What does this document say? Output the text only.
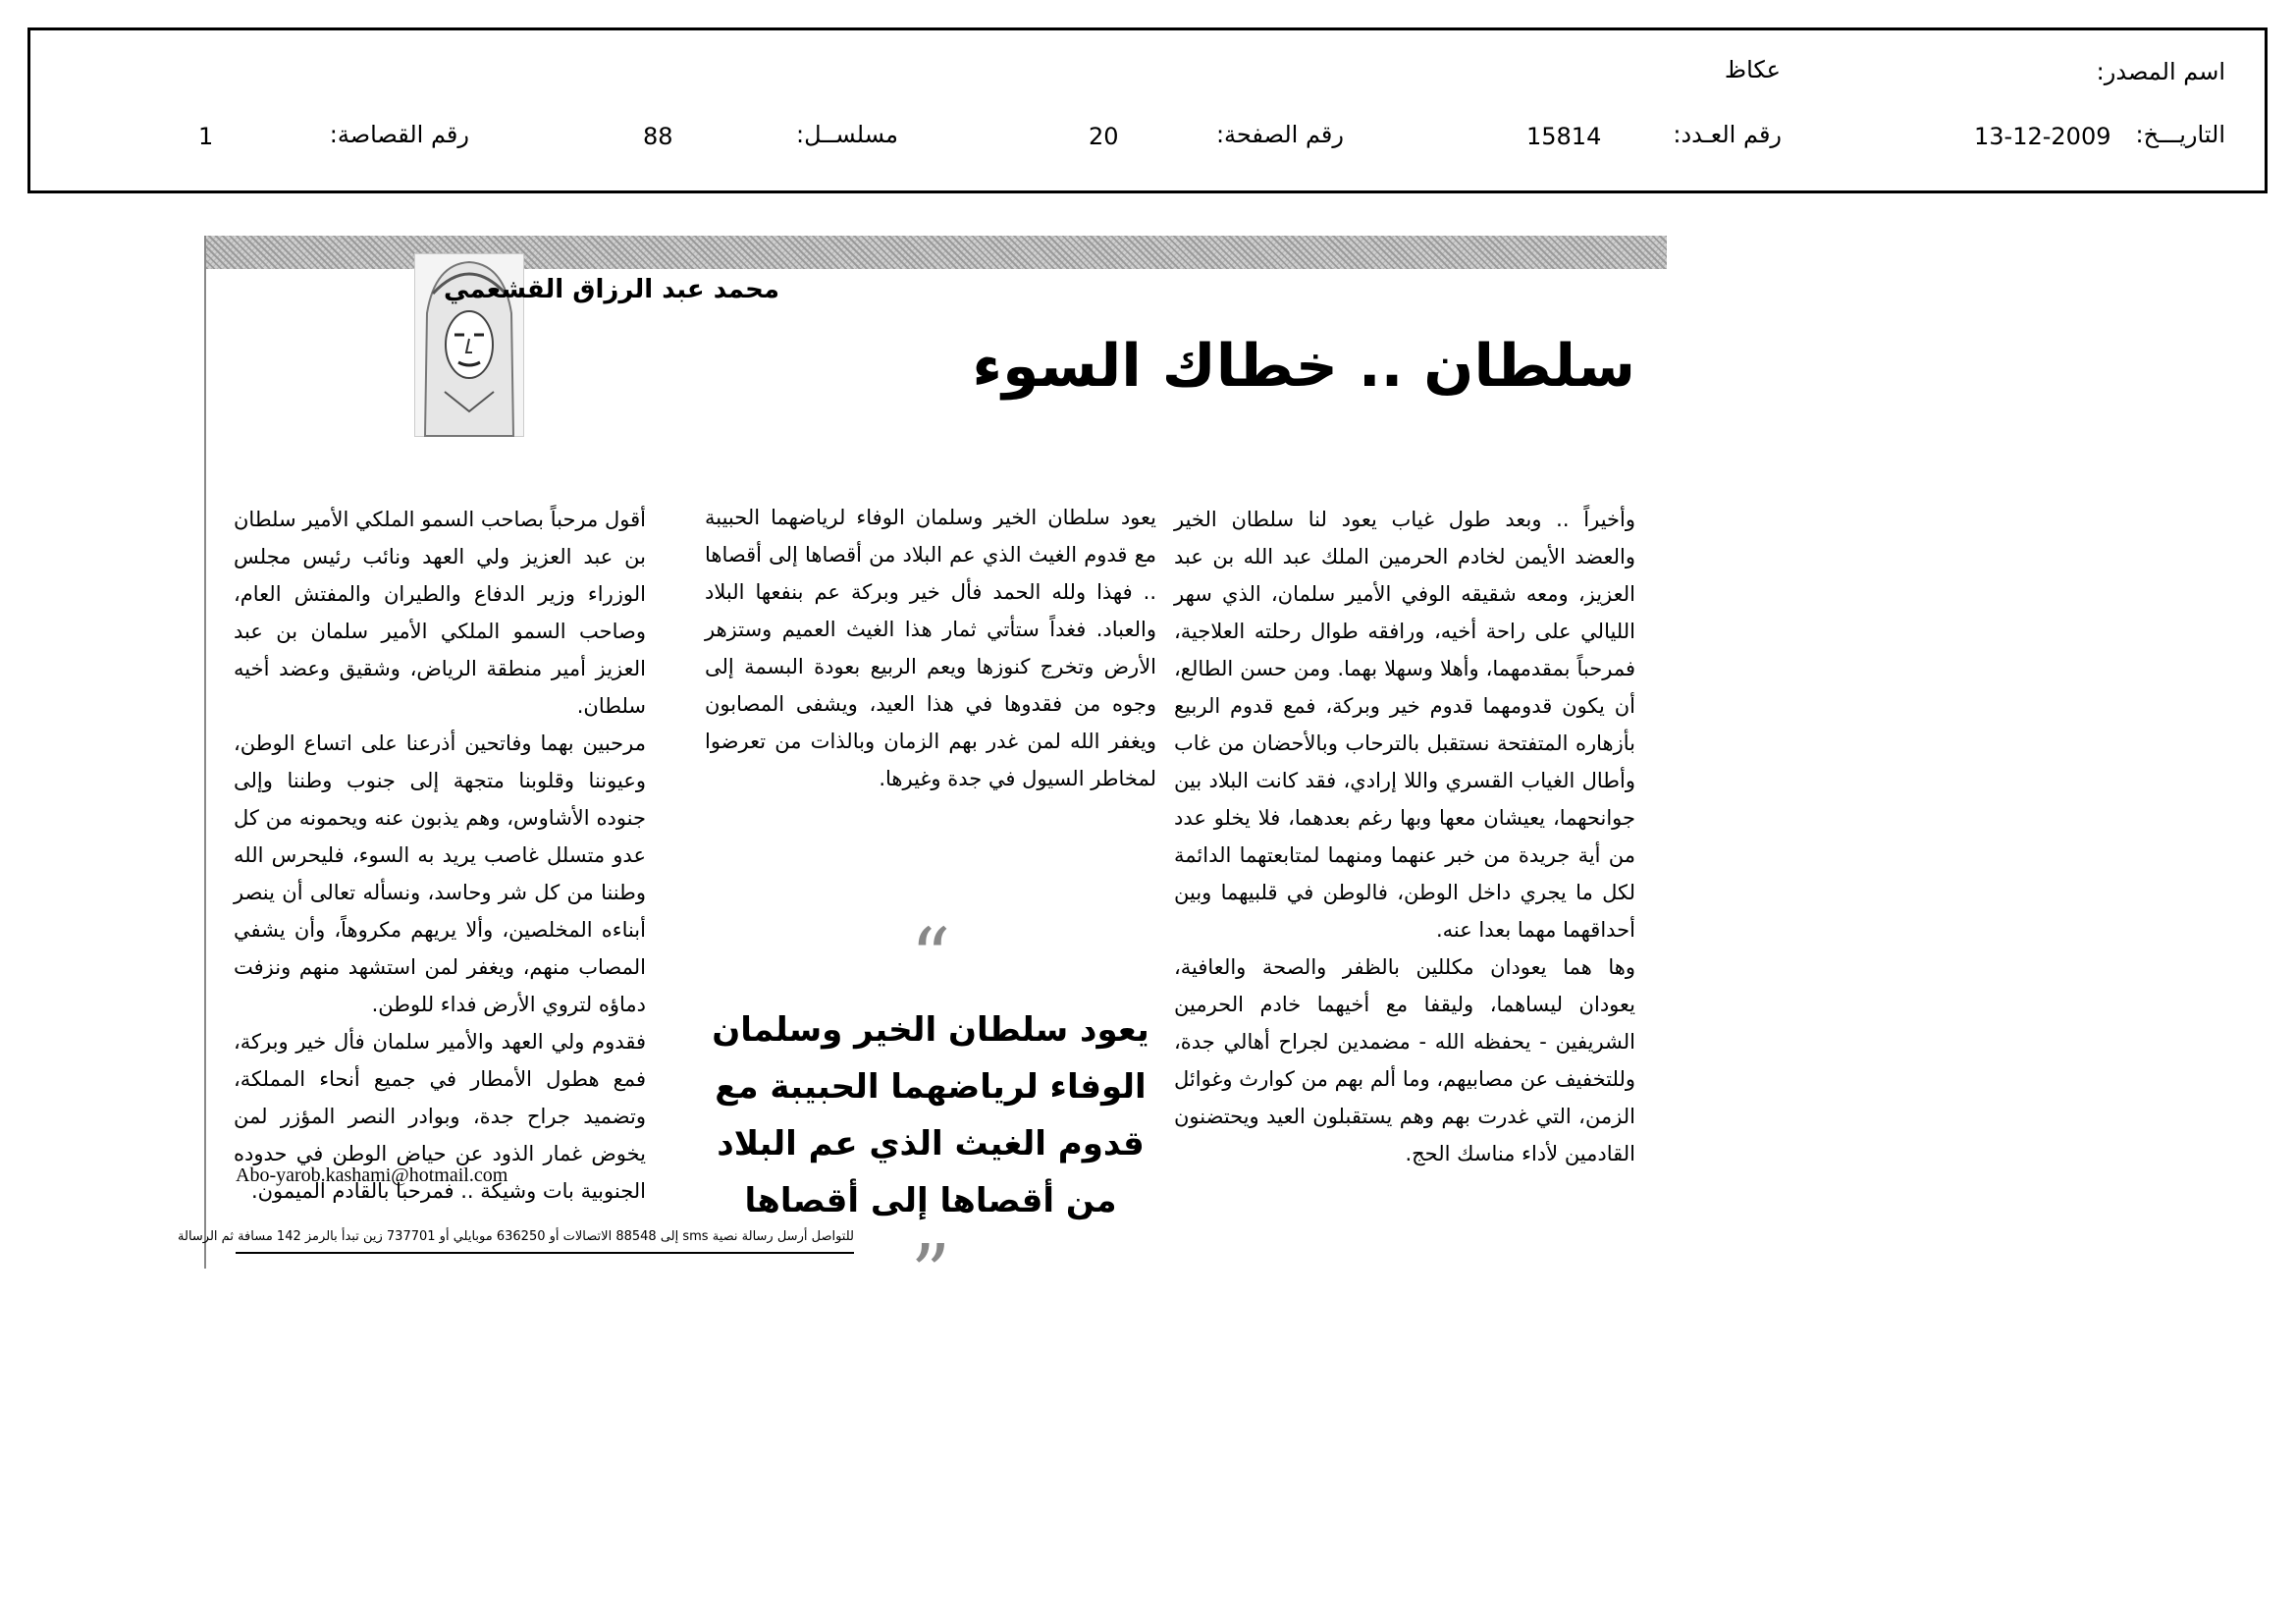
اسم المصدر:
عكاظ
التاريـــخ:
13-12-2009
رقم العـدد:
15814
رقم الصفحة:
20
مسلســل:
88
رقم القصاصة:
1
محمد عبد الرزاق القشعمي
سلطان .. خطاك السوء

وأخيراً .. وبعد طول غياب يعود لنا سلطان الخير والعضد الأيمن لخادم الحرمين الملك عبد الله بن عبد العزيز، ومعه شقيقه الوفي الأمير سلمان، الذي سهر الليالي على راحة أخيه، ورافقه طوال رحلته العلاجية، فمرحباً بمقدمهما، وأهلا وسهلا بهما. ومن حسن الطالع، أن يكون قدومهما قدوم خير وبركة، فمع قدوم الربيع بأزهاره المتفتحة نستقبل بالترحاب وبالأحضان من غاب وأطال الغياب القسري واللا إرادي، فقد كانت البلاد بين جوانحهما، يعيشان معها وبها رغم بعدهما، فلا يخلو عدد من أية جريدة من خبر عنهما ومنهما لمتابعتهما الدائمة لكل ما يجري داخل الوطن، فالوطن في قلبيهما وبين أحداقهما مهما بعدا عنه.

وها هما يعودان مكللين بالظفر والصحة والعافية، يعودان ليساهما، وليقفا مع أخيهما خادم الحرمين الشريفين - يحفظه الله - مضمدين لجراح أهالي جدة، وللتخفيف عن مصابيهم، وما ألم بهم من كوارث وغوائل الزمن، التي غدرت بهم وهم يستقبلون العيد ويحتضنون القادمين لأداء مناسك الحج.

يعود سلطان الخير وسلمان الوفاء لرياضهما الحبيبة مع قدوم الغيث الذي عم البلاد من أقصاها إلى أقصاها .. فهذا ولله الحمد فأل خير وبركة عم بنفعها البلاد والعباد. فغداً ستأتي ثمار هذا الغيث العميم وستزهر الأرض وتخرج كنوزها ويعم الربيع بعودة البسمة إلى وجوه من فقدوها في هذا العيد، ويشفى المصابون ويغفر الله لمن غدر بهم الزمان وبالذات من تعرضوا لمخاطر السيول في جدة وغيرها.

“
يعود سلطان الخير وسلمان الوفاء لرياضهما الحبيبة مع قدوم الغيث الذي عم البلاد من أقصاها إلى أقصاها
”

أقول مرحباً بصاحب السمو الملكي الأمير سلطان بن عبد العزيز ولي العهد ونائب رئيس مجلس الوزراء وزير الدفاع والطيران والمفتش العام، وصاحب السمو الملكي الأمير سلمان بن عبد العزيز أمير منطقة الرياض، وشقيق وعضد أخيه سلطان.

مرحبين بهما وفاتحين أذرعنا على اتساع الوطن، وعيوننا وقلوبنا متجهة إلى جنوب وطننا وإلى جنوده الأشاوس، وهم يذبون عنه ويحمونه من كل عدو متسلل غاصب يريد به السوء، فليحرس الله وطننا من كل شر وحاسد، ونسأله تعالى أن ينصر أبناءه المخلصين، وألا يريهم مكروهاً، وأن يشفي المصاب منهم، ويغفر لمن استشهد منهم ونزفت دماؤه لتروي الأرض فداء للوطن.

فقدوم ولي العهد والأمير سلمان فأل خير وبركة، فمع هطول الأمطار في جميع أنحاء المملكة، وتضميد جراح جدة، وبوادر النصر المؤزر لمن يخوض غمار الذود عن حياض الوطن في حدوده الجنوبية بات وشيكة .. فمرحبا بالقادم الميمون.

Abo-yarob.kashami@hotmail.com
للتواصل أرسل رسالة نصية sms إلى 88548 الاتصالات أو 636250 موبايلي أو 737701 زين تبدأ بالرمز 142 مسافة ثم الرسالة
